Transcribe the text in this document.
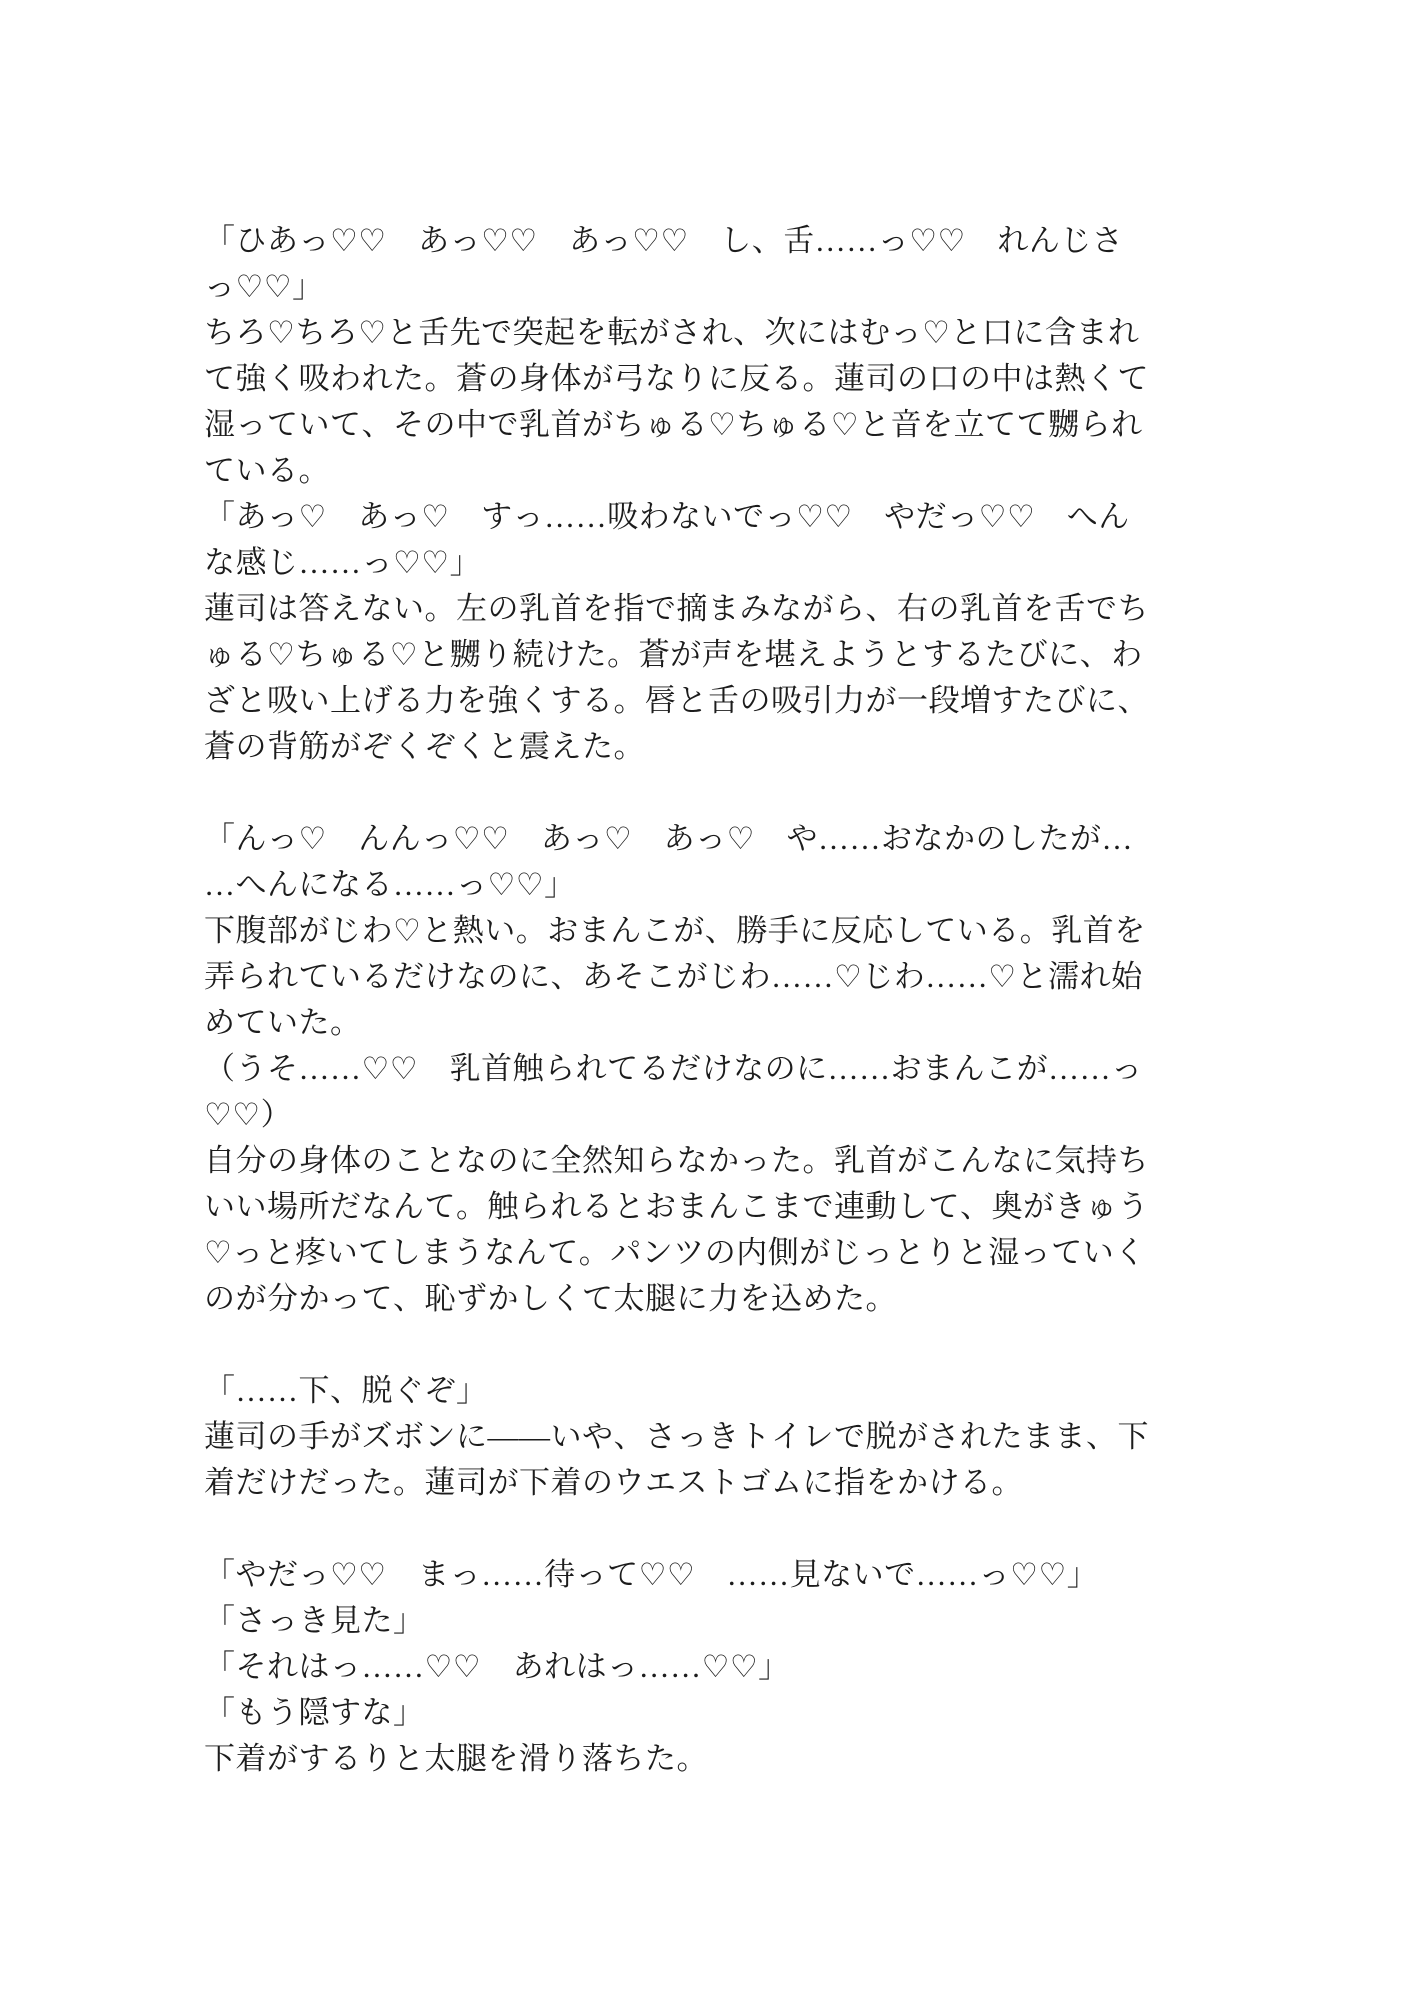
「ひあっ♡♡　あっ♡♡　あっ♡♡　し、舌……っ♡♡　れんじさ
っ♡♡」
ちろ♡ちろ♡と舌先で突起を転がされ、次にはむっ♡と口に含まれ
て強く吸われた。蒼の身体が弓なりに反る。蓮司の口の中は熱くて
湿っていて、その中で乳首がちゅる♡ちゅる♡と音を立てて嬲られ
ている。
「あっ♡　あっ♡　すっ……吸わないでっ♡♡　やだっ♡♡　へん
な感じ……っ♡♡」
蓮司は答えない。左の乳首を指で摘まみながら、右の乳首を舌でち
ゅる♡ちゅる♡と嬲り続けた。蒼が声を堪えようとするたびに、わ
ざと吸い上げる力を強くする。唇と舌の吸引力が一段増すたびに、
蒼の背筋がぞくぞくと震えた。
「んっ♡　んんっ♡♡　あっ♡　あっ♡　や……おなかのしたが…
…へんになる……っ♡♡」
下腹部がじわ♡と熱い。おまんこが、勝手に反応している。乳首を
弄られているだけなのに、あそこがじわ……♡じわ……♡と濡れ始
めていた。
（うそ……♡♡　乳首触られてるだけなのに……おまんこが……っ
♡♡）
自分の身体のことなのに全然知らなかった。乳首がこんなに気持ち
いい場所だなんて。触られるとおまんこまで連動して、奥がきゅう
♡っと疼いてしまうなんて。パンツの内側がじっとりと湿っていく
のが分かって、恥ずかしくて太腿に力を込めた。
「……下、脱ぐぞ」
蓮司の手がズボンに——いや、さっきトイレで脱がされたまま、下
着だけだった。蓮司が下着のウエストゴムに指をかける。
「やだっ♡♡　まっ……待って♡♡　……見ないで……っ♡♡」
「さっき見た」
「それはっ……♡♡　あれはっ……♡♡」
「もう隠すな」
下着がするりと太腿を滑り落ちた。
